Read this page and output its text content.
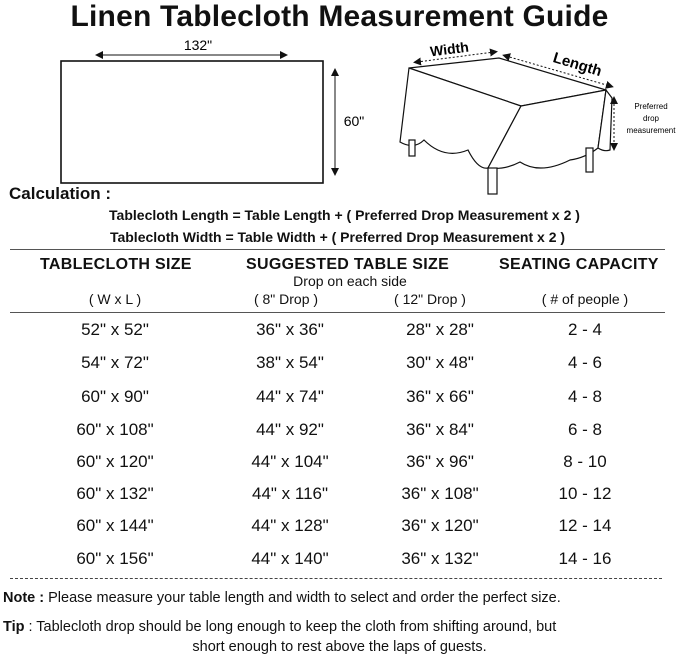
Linen Tablecloth Measurement Guide
132"
60"
Width
Length
Preferred
drop
measurement
Calculation :
Tablecloth Length = Table Length + ( Preferred Drop Measurement x 2 )
Tablecloth Width = Table Width + ( Preferred Drop Measurement x 2 )
TABLECLOTH SIZE	SUGGESTED TABLE SIZE	SEATING CAPACITY
Drop on each side
( W x L )	( 8" Drop )	( 12" Drop )	( # of people )
52" x 52"	36" x 36"	28" x 28"	2 - 4
54" x 72"	38" x 54"	30" x 48"	4 - 6
60" x 90"	44" x 74"	36" x 66"	4 - 8
60" x 108"	44" x 92"	36" x 84"	6 - 8
60" x 120"	44" x 104"	36" x 96"	8 - 10
60" x 132"	44" x 116"	36" x 108"	10 - 12
60" x 144"	44" x 128"	36" x 120"	12 - 14
60" x 156"	44" x 140"	36" x 132"	14 - 16
Note : Please measure your table length and width to select and order the perfect size.
Tip : Tablecloth drop should be long enough to keep the cloth from shifting around, but
short enough to rest above the laps of guests.
